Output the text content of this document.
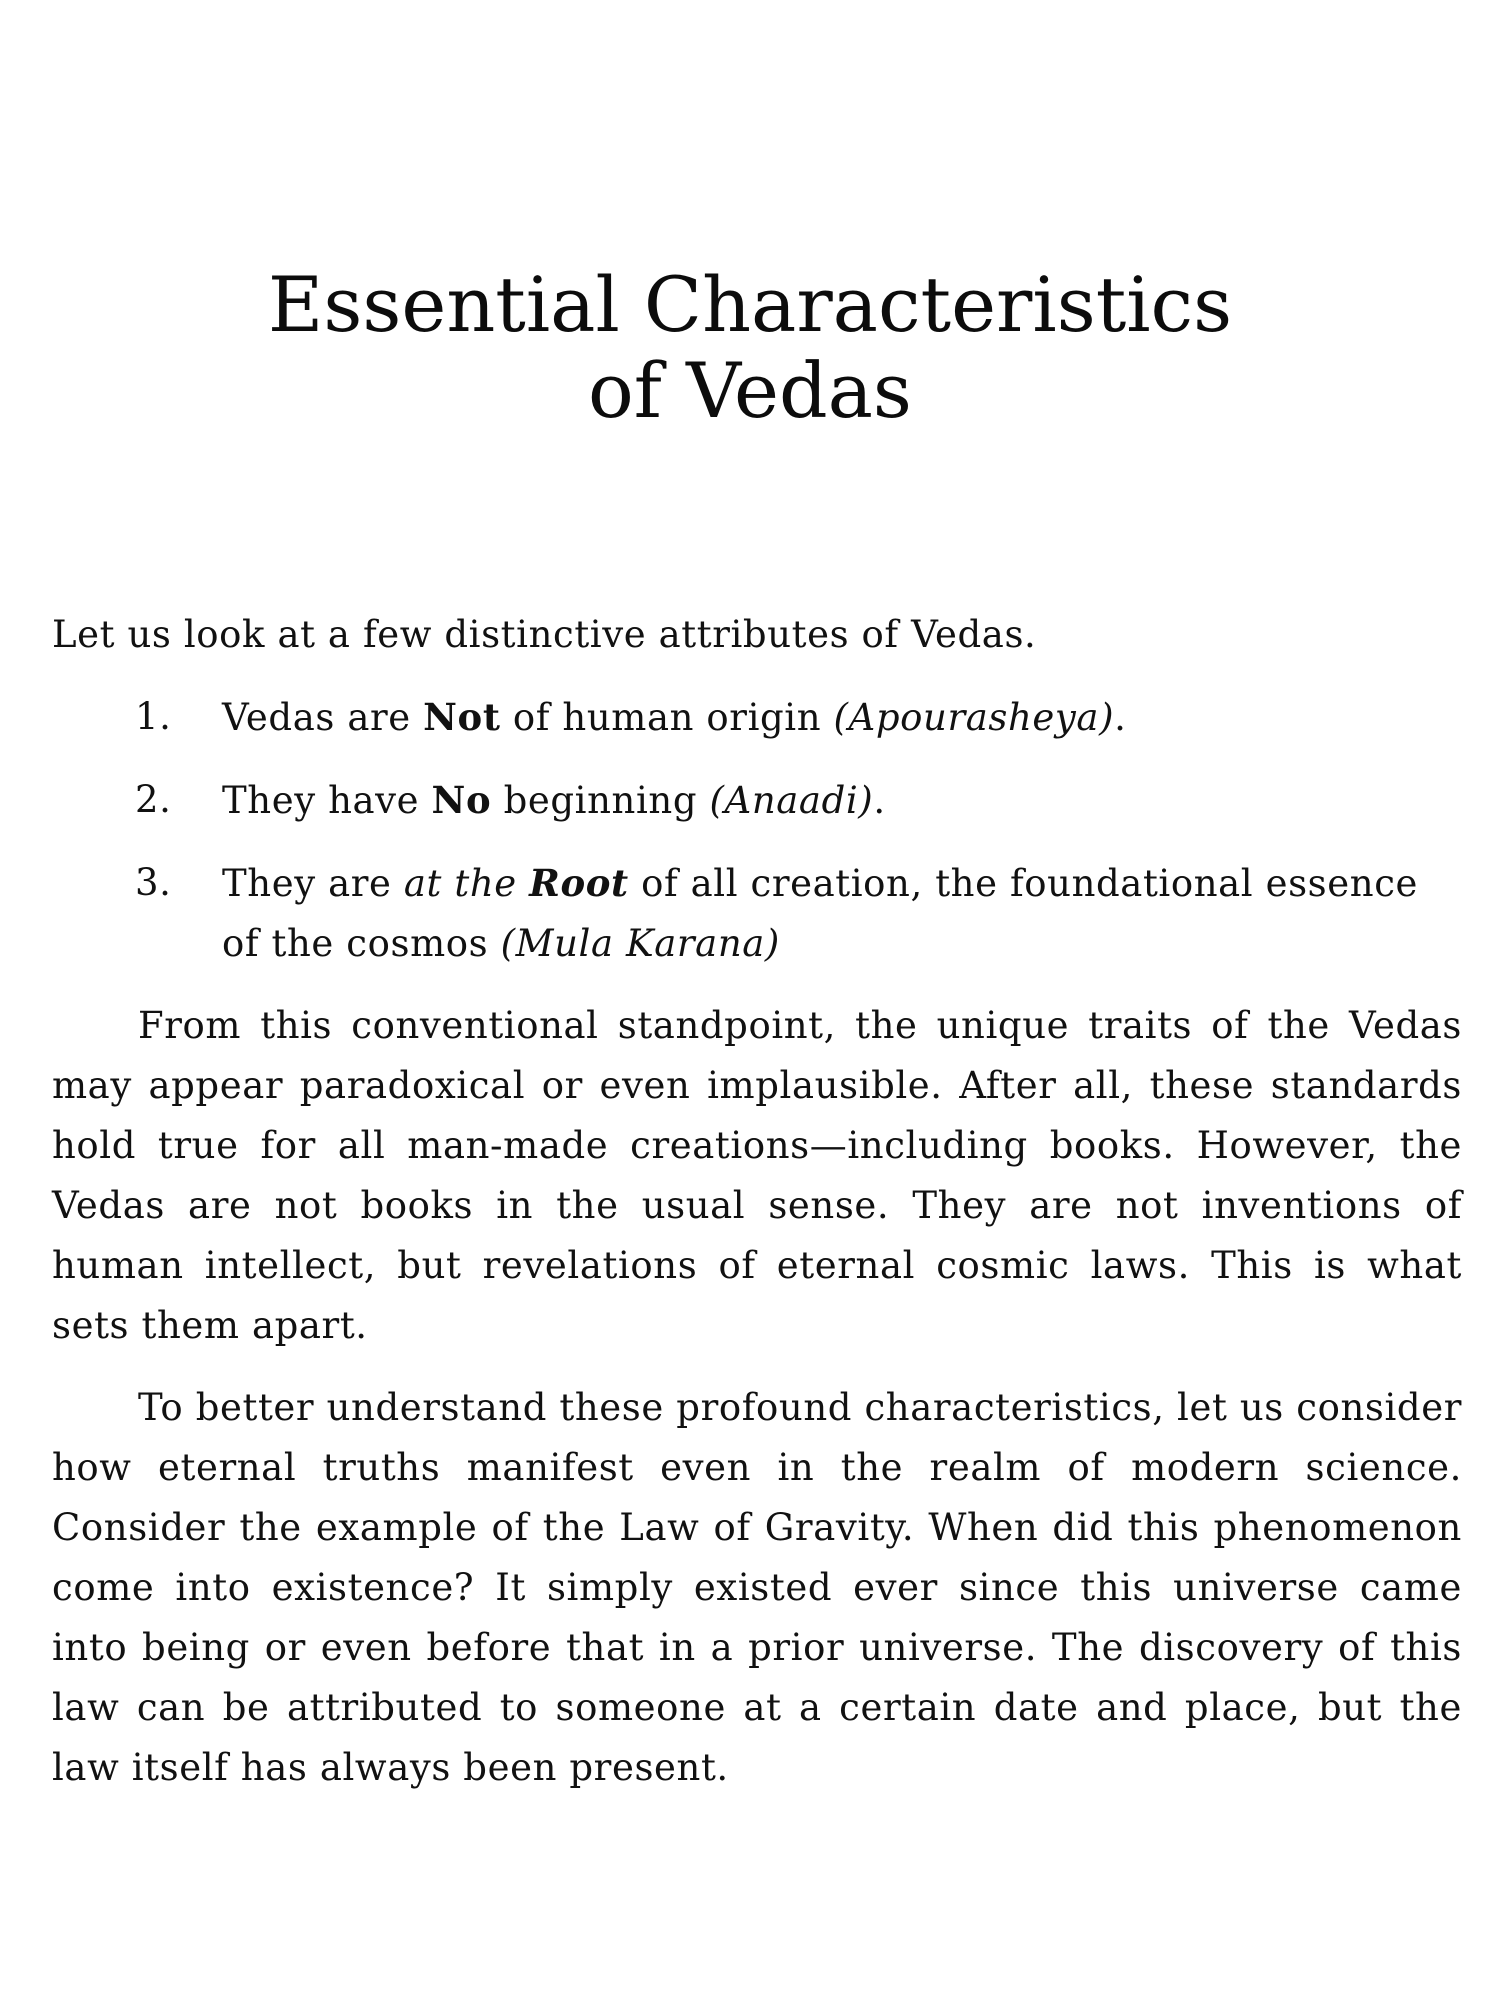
Essential Characteristics
of Vedas

Let us look at a few distinctive attributes of Vedas.

1. Vedas are Not of human origin (Apourasheya).
2. They have No beginning (Anaadi).
3. They are at the Root of all creation, the foundational essence of the cosmos (Mula Karana)

From this conventional standpoint, the unique traits of the Vedas may appear paradoxical or even implausible. After all, these standards hold true for all man-made creations—including books. However, the Vedas are not books in the usual sense. They are not inventions of human intellect, but revelations of eternal cosmic laws. This is what sets them apart.

To better understand these profound characteristics, let us consider how eternal truths manifest even in the realm of modern science. Consider the example of the Law of Gravity. When did this phenomenon come into existence? It simply existed ever since this universe came into being or even before that in a prior universe. The discovery of this law can be attributed to someone at a certain date and place, but the law itself has always been present.
